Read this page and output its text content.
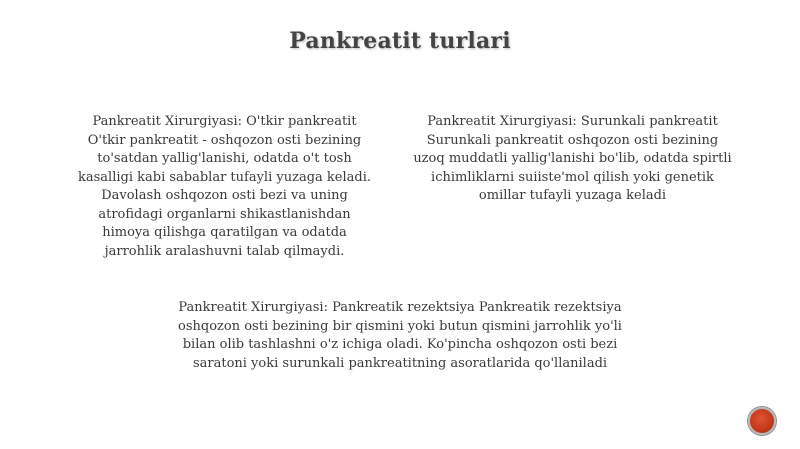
Pankreatit turlari
Pankreatit Xirurgiyasi: O'tkir pankreatit
O'tkir pankreatit - oshqozon osti bezining
to'satdan yallig'lanishi, odatda o't tosh
kasalligi kabi sabablar tufayli yuzaga keladi.
Davolash oshqozon osti bezi va uning
atrofidagi organlarni shikastlanishdan
himoya qilishga qaratilgan va odatda
jarrohlik aralashuvni talab qilmaydi.
Pankreatit Xirurgiyasi: Surunkali pankreatit
Surunkali pankreatit oshqozon osti bezining
uzoq muddatli yallig'lanishi bo'lib, odatda spirtli
ichimliklarni suiiste'mol qilish yoki genetik
omillar tufayli yuzaga keladi
Pankreatit Xirurgiyasi: Pankreatik rezektsiya Pankreatik rezektsiya
oshqozon osti bezining bir qismini yoki butun qismini jarrohlik yo'li
bilan olib tashlashni o'z ichiga oladi. Ko'pincha oshqozon osti bezi
saratoni yoki surunkali pankreatitning asoratlarida qo'llaniladi
